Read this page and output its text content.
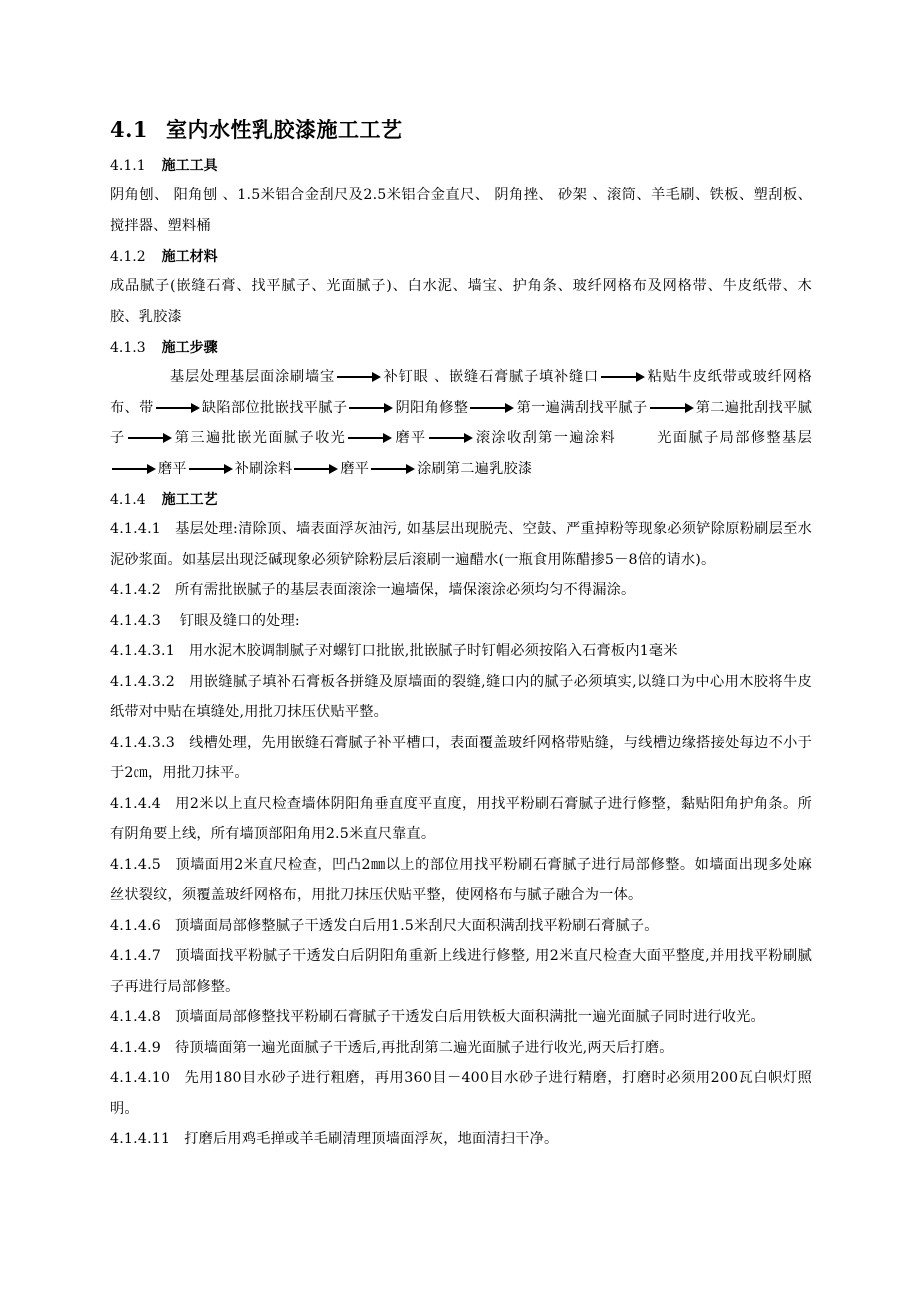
4.1 室内水性乳胶漆施工工艺
4.1.1 施工工具

阴角刨、 阳角刨 、1.5米铝合金刮尺及2.5米铝合金直尺、 阴角挫、 砂架 、滚筒、羊毛刷、铁板、塑刮板、搅拌器、塑料桶

4.1.2 施工材料

成品腻子(嵌缝石膏、找平腻子、光面腻子)、白水泥、墙宝、护角条、玻纤网格布及网格带、牛皮纸带、木胶、乳胶漆

4.1.3 施工步骤

基层处理基层面涂刷墙宝	补钉眼 、嵌缝石膏腻子填补缝口	粘贴牛皮纸带或玻纤网格布、带	缺陷部位批嵌找平腻子	阴阳角修整	第一遍满刮找平腻子	第二遍批刮找平腻子	第三遍批嵌光面腻子收光	磨平	滚涂收刮第一遍涂料	光面腻子局部修整基层磨平	补刷涂料	磨平	涂刷第二遍乳胶漆

4.1.4 施工工艺

4.1.4.1 基层处理:清除顶、墙表面浮灰油污, 如基层出现脱壳、空鼓、严重掉粉等现象必须铲除原粉刷层至水泥砂浆面。如基层出现泛碱现象必须铲除粉层后滚刷一遍醋水(一瓶食用陈醋掺5－8倍的请水)。

4.1.4.2 所有需批嵌腻子的基层表面滚涂一遍墙保，墙保滚涂必须均匀不得漏涂。

4.1.4.3 钉眼及缝口的处理:

4.1.4.3.1 用水泥木胶调制腻子对螺钉口批嵌,批嵌腻子时钉帽必须按陷入石膏板内1毫米

4.1.4.3.2 用嵌缝腻子填补石膏板各拼缝及原墙面的裂缝,缝口内的腻子必须填实,以缝口为中心用木胶将牛皮纸带对中贴在填缝处,用批刀抹压伏贴平整。

4.1.4.3.3 线槽处理，先用嵌缝石膏腻子补平槽口，表面覆盖玻纤网格带贴缝，与线槽边缘搭接处每边不小于于2㎝，用批刀抹平。

4.1.4.4 用2米以上直尺检查墙体阴阳角垂直度平直度，用找平粉刷石膏腻子进行修整，黏贴阳角护角条。所有阴角要上线，所有墙顶部阳角用2.5米直尺靠直。

4.1.4.5 顶墙面用2米直尺检查，凹凸2㎜以上的部位用找平粉刷石膏腻子进行局部修整。如墙面出现多处麻丝状裂纹，须覆盖玻纤网格布，用批刀抹压伏贴平整，使网格布与腻子融合为一体。

4.1.4.6 顶墙面局部修整腻子干透发白后用1.5米刮尺大面积满刮找平粉刷石膏腻子。

4.1.4.7 顶墙面找平粉腻子干透发白后阴阳角重新上线进行修整, 用2米直尺检查大面平整度,并用找平粉刷腻子再进行局部修整。

4.1.4.8 顶墙面局部修整找平粉刷石膏腻子干透发白后用铁板大面积满批一遍光面腻子同时进行收光。

4.1.4.9 待顶墙面第一遍光面腻子干透后,再批刮第二遍光面腻子进行收光,两天后打磨。

4.1.4.10 先用180目水砂子进行粗磨，再用360目－400目水砂子进行精磨，打磨时必须用200瓦白帜灯照明。

4.1.4.11 打磨后用鸡毛掸或羊毛刷清理顶墙面浮灰，地面清扫干净。
